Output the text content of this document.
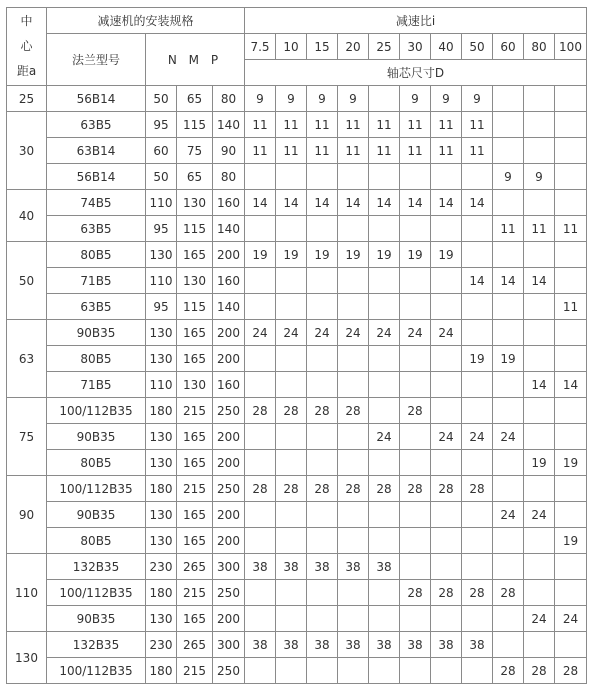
中
心
距a	减速机的安装规格				减速比i										
	法兰型号	N M P			7.5	10	15	20	25	30	40	50	60	80	100
					轴芯尺寸D										
25	56B14	50	65	80	9	9	9	9		9	9	9			
30	63B5	95	115	140	11	11	11	11	11	11	11	11			
	63B14	60	75	90	11	11	11	11	11	11	11	11			
	56B14	50	65	80									9	9	
40	74B5	110	130	160	14	14	14	14	14	14	14	14			
	63B5	95	115	140									11	11	11
50	80B5	130	165	200	19	19	19	19	19	19	19				
	71B5	110	130	160								14	14	14	
	63B5	95	115	140											11
63	90B35	130	165	200	24	24	24	24	24	24	24				
	80B5	130	165	200								19	19		
	71B5	110	130	160										14	14
75	100/112B35	180	215	250	28	28	28	28		28					
	90B35	130	165	200					24		24	24	24		
	80B5	130	165	200										19	19
90	100/112B35	180	215	250	28	28	28	28	28	28	28	28			
	90B35	130	165	200									24	24	
	80B5	130	165	200											19
110	132B35	230	265	300	38	38	38	38	38						
	100/112B35	180	215	250						28	28	28	28		
	90B35	130	165	200										24	24
130	132B35	230	265	300	38	38	38	38	38	38	38	38			
	100/112B35	180	215	250									28	28	28
